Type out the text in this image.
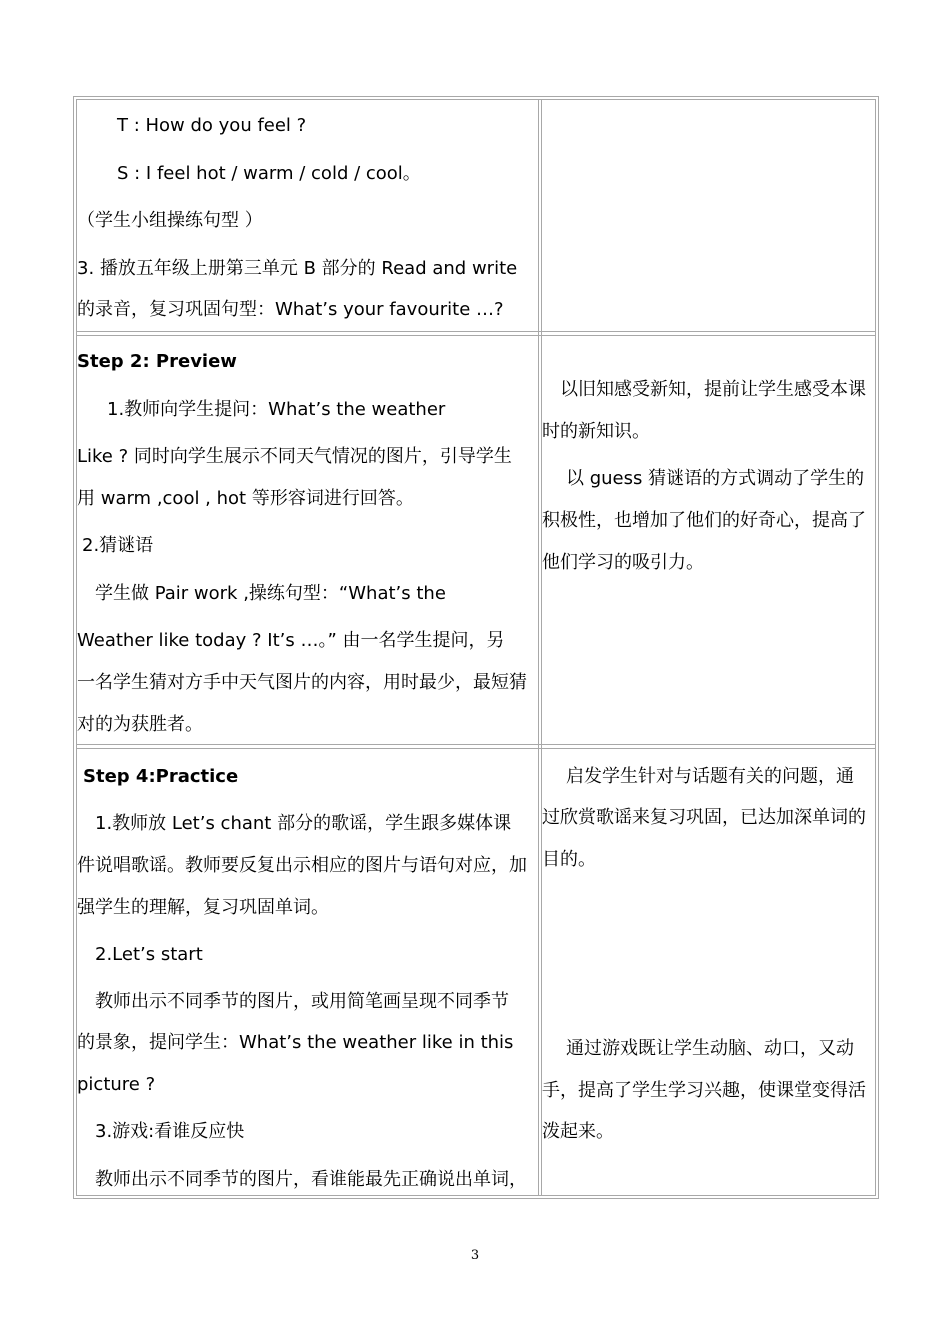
T : How do you feel ?
S : I feel hot / warm / cold / cool。
（学生小组操练句型 ）
3. 播放五年级上册第三单元 B 部分的 Read and write
的录音，复习巩固句型：What’s your favourite …?
Step 2: Preview
1.教师向学生提问：What’s the weather
Like ? 同时向学生展示不同天气情况的图片，引导学生
用 warm ,cool , hot 等形容词进行回答。
2.猜谜语
学生做 Pair work ,操练句型：“What’s the
Weather like today ? It’s …。” 由一名学生提问，另
一名学生猜对方手中天气图片的内容，用时最少，最短猜
对的为获胜者。
以旧知感受新知，提前让学生感受本课
时的新知识。
以 guess 猜谜语的方式调动了学生的
积极性，也增加了他们的好奇心，提高了
他们学习的吸引力。
Step 4:Practice
1.教师放 Let’s chant 部分的歌谣，学生跟多媒体课
件说唱歌谣。教师要反复出示相应的图片与语句对应，加
强学生的理解，复习巩固单词。
2.Let’s start
教师出示不同季节的图片，或用简笔画呈现不同季节
的景象，提问学生：What’s the weather like in this
picture ?
3.游戏:看谁反应快
教师出示不同季节的图片，看谁能最先正确说出单词，
启发学生针对与话题有关的问题，通
过欣赏歌谣来复习巩固，已达加深单词的
目的。
通过游戏既让学生动脑、动口，又动
手，提高了学生学习兴趣，使课堂变得活
泼起来。
3
